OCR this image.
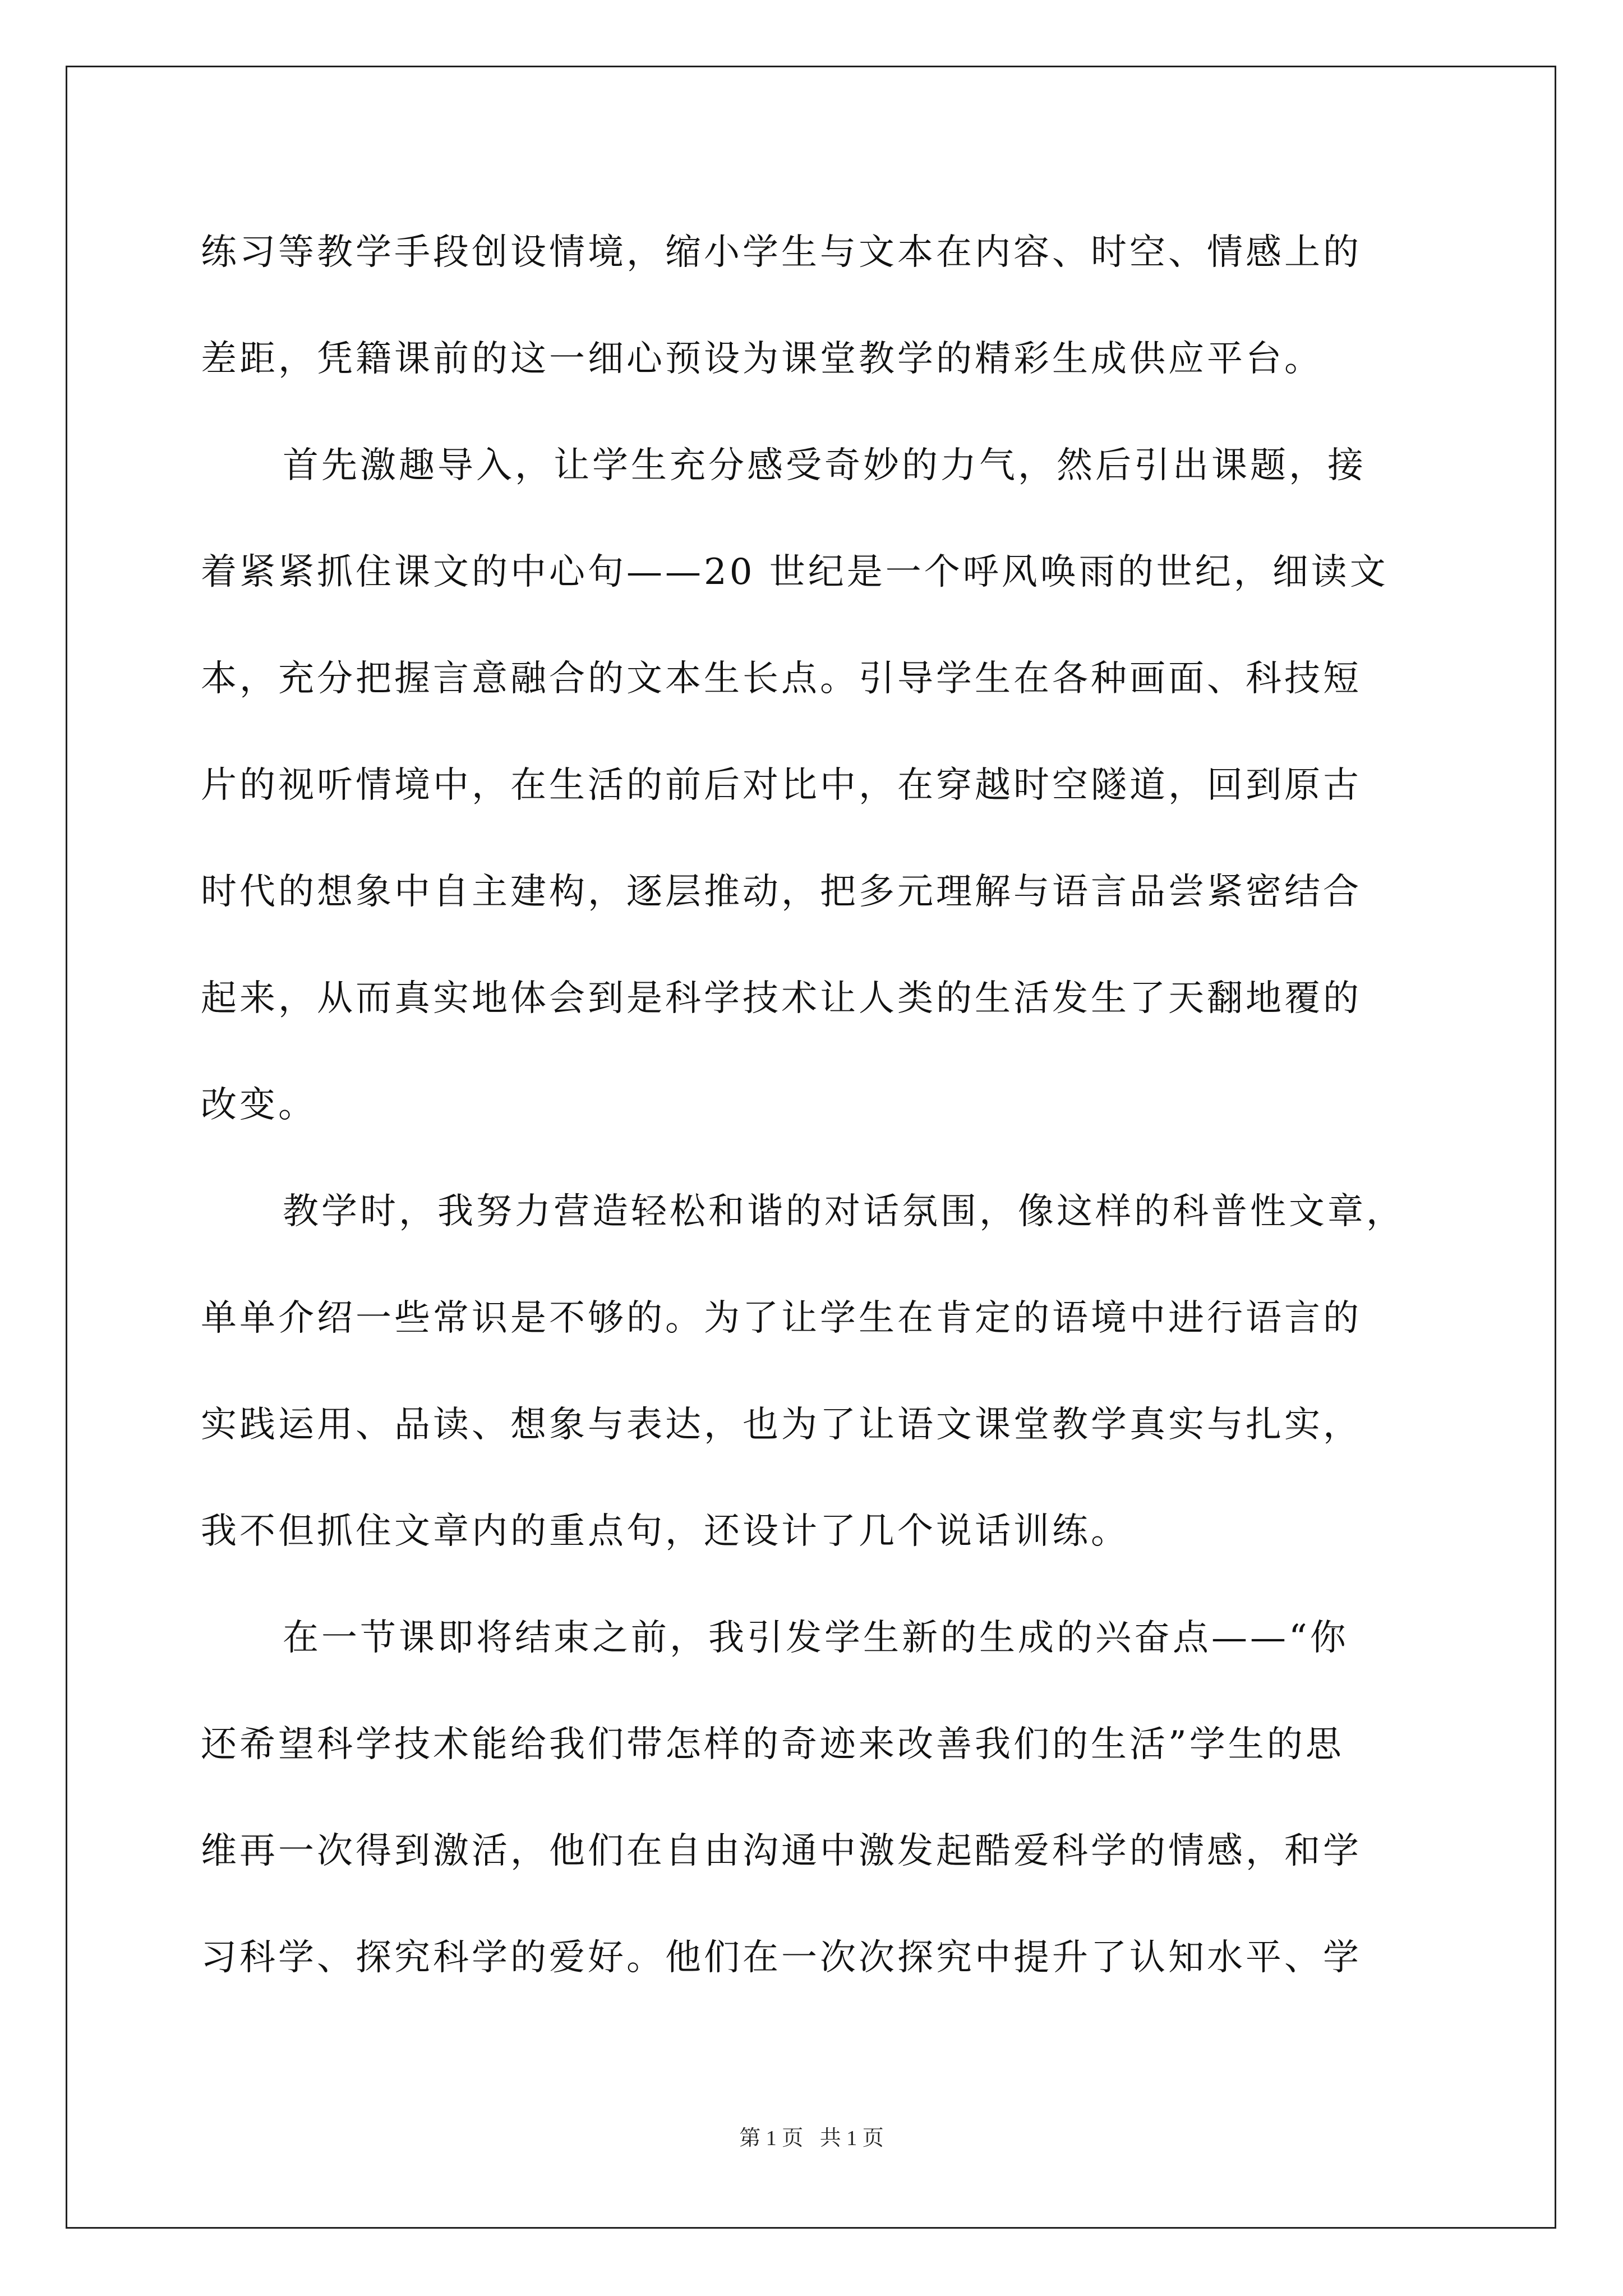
练习等教学手段创设情境，缩小学生与文本在内容、时空、情感上的
差距，凭籍课前的这一细心预设为课堂教学的精彩生成供应平台。
首先激趣导入，让学生充分感受奇妙的力气，然后引出课题，接
着紧紧抓住课文的中心句——20 世纪是一个呼风唤雨的世纪，细读文
本，充分把握言意融合的文本生长点。引导学生在各种画面、科技短
片的视听情境中，在生活的前后对比中，在穿越时空隧道，回到原古
时代的想象中自主建构，逐层推动，把多元理解与语言品尝紧密结合
起来，从而真实地体会到是科学技术让人类的生活发生了天翻地覆的
改变。
教学时，我努力营造轻松和谐的对话氛围，像这样的科普性文章，
单单介绍一些常识是不够的。为了让学生在肯定的语境中进行语言的
实践运用、品读、想象与表达，也为了让语文课堂教学真实与扎实，
我不但抓住文章内的重点句，还设计了几个说话训练。
在一节课即将结束之前，我引发学生新的生成的兴奋点——“你
还希望科学技术能给我们带怎样的奇迹来改善我们的生活”学生的思
维再一次得到激活，他们在自由沟通中激发起酷爱科学的情感，和学
习科学、探究科学的爱好。他们在一次次探究中提升了认知水平、学
第 1 页 共 1 页
